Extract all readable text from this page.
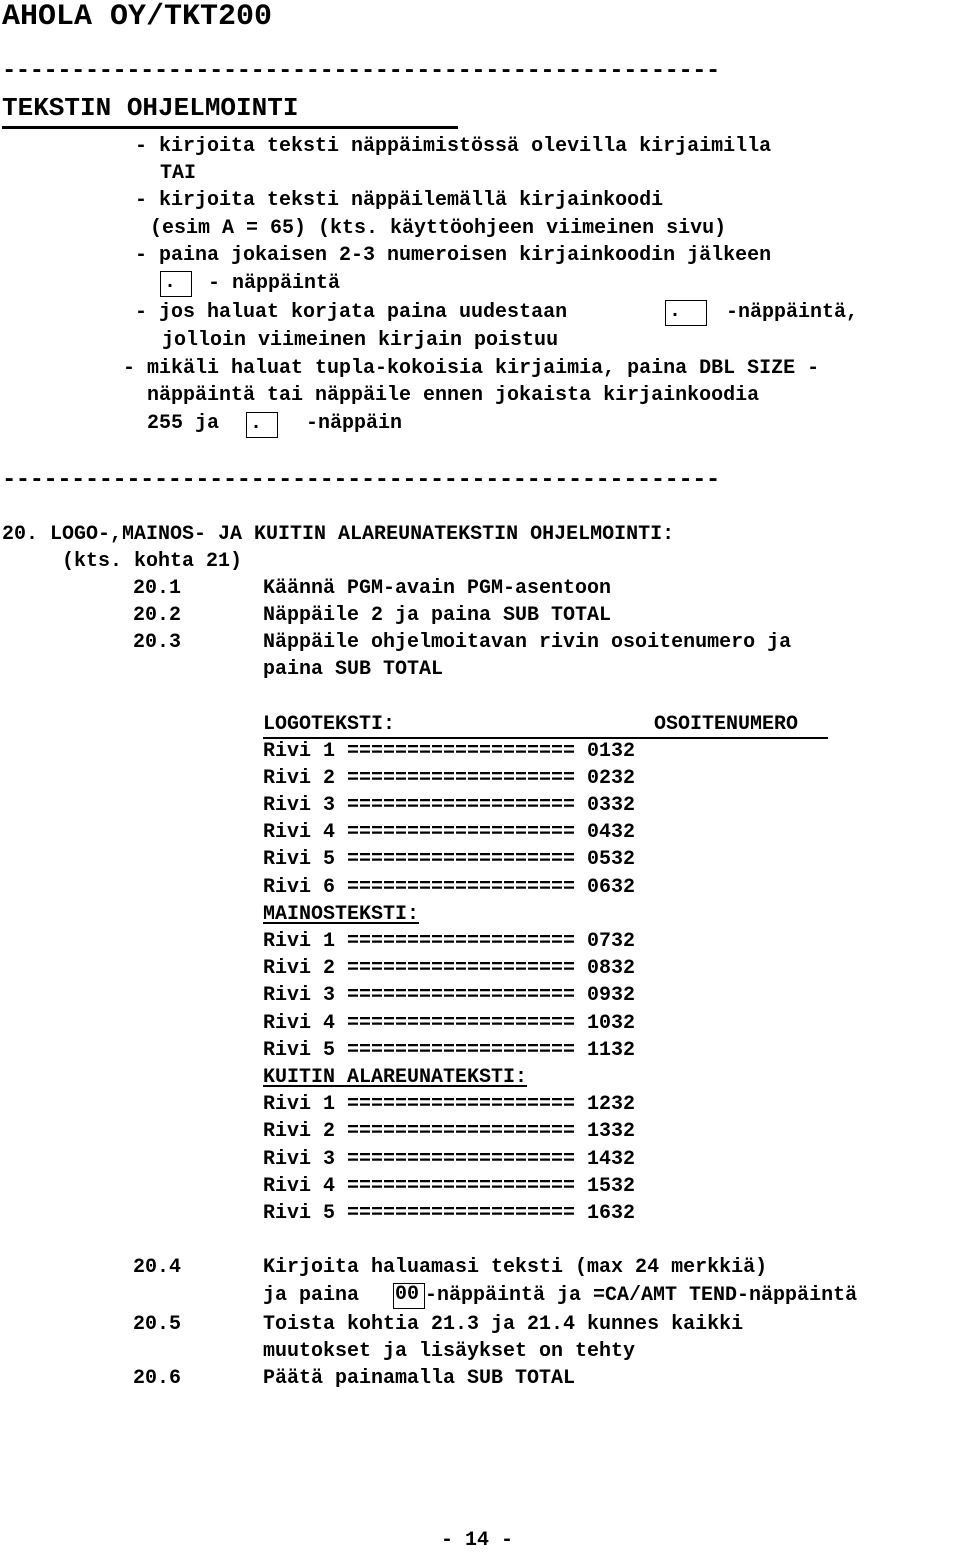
AHOLA OY/TKT200
----------------------------------------------------
TEKSTIN OHJELMOINTI
- kirjoita teksti näppäimistössä olevilla kirjaimilla
TAI
- kirjoita teksti näppäilemällä kirjainkoodi
(esim A = 65) (kts. käyttöohjeen viimeinen sivu)
- paina jokaisen 2-3 numeroisen kirjainkoodin jälkeen
.	- näppäintä
- jos haluat korjata paina uudestaan	.	-näppäintä,
jolloin viimeinen kirjain poistuu
- mikäli haluat tupla-kokoisia kirjaimia, paina DBL SIZE -
näppäintä tai näppäile ennen jokaista kirjainkoodia
255 ja .	-näppäin
----------------------------------------------------
20. LOGO-,MAINOS- JA KUITIN ALAREUNATEKSTIN OHJELMOINTI:
(kts. kohta 21)
20.1	Käännä PGM-avain PGM-asentoon
20.2	Näppäile 2 ja paina SUB TOTAL
20.3	Näppäile ohjelmoitavan rivin osoitenumero ja
paina SUB TOTAL
LOGOTEKSTI:	OSOITENUMERO
Rivi 1 =================== 0132
Rivi 2 =================== 0232
Rivi 3 =================== 0332
Rivi 4 =================== 0432
Rivi 5 =================== 0532
Rivi 6 =================== 0632
MAINOSTEKSTI:
Rivi 1 =================== 0732
Rivi 2 =================== 0832
Rivi 3 =================== 0932
Rivi 4 =================== 1032
Rivi 5 =================== 1132
KUITIN ALAREUNATEKSTI:
Rivi 1 =================== 1232
Rivi 2 =================== 1332
Rivi 3 =================== 1432
Rivi 4 =================== 1532
Rivi 5 =================== 1632
20.4	Kirjoita haluamasi teksti (max 24 merkkiä)
ja paina 00 -näppäintä ja =CA/AMT TEND-näppäintä
20.5	Toista kohtia 21.3 ja 21.4 kunnes kaikki
muutokset ja lisäykset on tehty
20.6	Päätä painamalla SUB TOTAL
- 14 -
